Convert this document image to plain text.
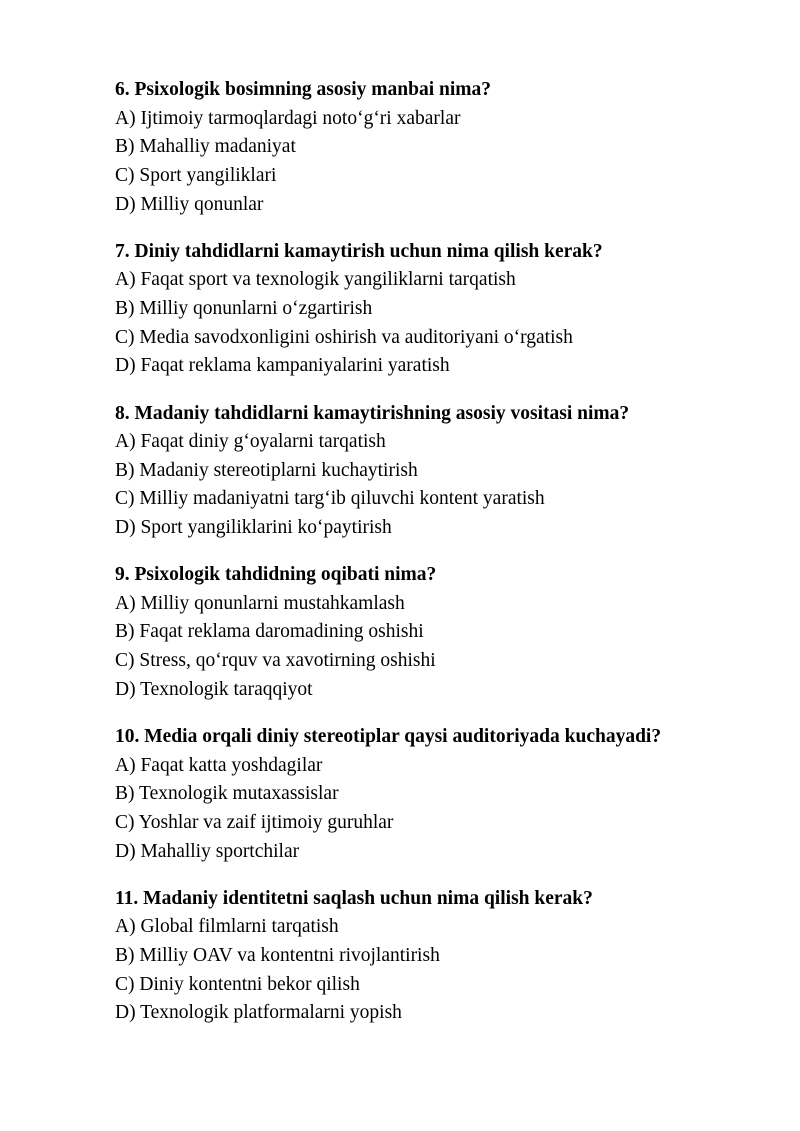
6. Psixologik bosimning asosiy manbai nima?
A) Ijtimoiy tarmoqlardagi noto‘g‘ri xabarlar
B) Mahalliy madaniyat
C) Sport yangiliklari
D) Milliy qonunlar
7. Diniy tahdidlarni kamaytirish uchun nima qilish kerak?
A) Faqat sport va texnologik yangiliklarni tarqatish
B) Milliy qonunlarni o‘zgartirish
C) Media savodxonligini oshirish va auditoriyani o‘rgatish
D) Faqat reklama kampaniyalarini yaratish
8. Madaniy tahdidlarni kamaytirishning asosiy vositasi nima?
A) Faqat diniy g‘oyalarni tarqatish
B) Madaniy stereotiplarni kuchaytirish
C) Milliy madaniyatni targ‘ib qiluvchi kontent yaratish
D) Sport yangiliklarini ko‘paytirish
9. Psixologik tahdidning oqibati nima?
A) Milliy qonunlarni mustahkamlash
B) Faqat reklama daromadining oshishi
C) Stress, qo‘rquv va xavotirning oshishi
D) Texnologik taraqqiyot
10. Media orqali diniy stereotiplar qaysi auditoriyada kuchayadi?
A) Faqat katta yoshdagilar
B) Texnologik mutaxassislar
C) Yoshlar va zaif ijtimoiy guruhlar
D) Mahalliy sportchilar
11. Madaniy identitetni saqlash uchun nima qilish kerak?
A) Global filmlarni tarqatish
B) Milliy OAV va kontentni rivojlantirish
C) Diniy kontentni bekor qilish
D) Texnologik platformalarni yopish
